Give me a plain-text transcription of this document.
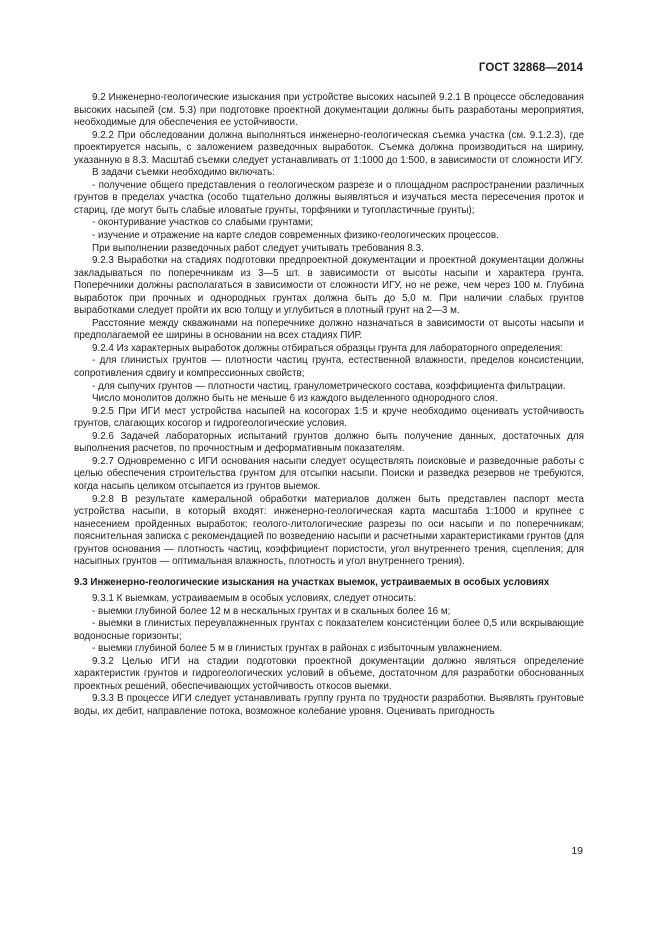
ГОСТ 32868—2014

9.2 Инженерно-геологические изыскания при устройстве высоких насыпей 9.2.1 В процессе обследования высоких насыпей (см. 5.3) при подготовке проектной документации должны быть разработаны мероприятия, необходимые для обеспечения ее устойчивости.

9.2.2 При обследовании должна выполняться инженерно-геологическая съемка участка (см. 9.1.2.3), где проектируется насыпь, с заложением разведочных выработок. Съемка должна производиться на ширину, указанную в 8.3. Масштаб съемки следует устанавливать от 1:1000 до 1:500, в зависимости от сложности ИГУ.

В задачи съемки необходимо включать:

- получение общего представления о геологическом разрезе и о площадном распространении различных грунтов в пределах участка (особо тщательно должны выявляться и изучаться места пересечения проток и стариц, где могут быть слабые иловатые грунты, торфяники и тугопластичные грунты);

- оконтуривание участков со слабыми грунтами;

- изучение и отражение на карте следов современных физико-геологических процессов.

При выполнении разведочных работ следует учитывать требования 8.3.

9.2.3 Выработки на стадиях подготовки предпроектной документации и проектной документации должны закладываться по поперечникам из 3—5 шт. в зависимости от высоты насыпи и характера грунта. Поперечники должны располагаться в зависимости от сложности ИГУ, но не реже, чем через 100 м. Глубина выработок при прочных и однородных грунтах должна быть до 5,0 м. При наличии слабых грунтов выработками следует пройти их всю толщу и углубиться в плотный грунт на 2—3 м.

Расстояние между скважинами на поперечнике должно назначаться в зависимости от высоты насыпи и предполагаемой ее ширины в основании на всех стадиях ПИР.

9.2.4 Из характерных выработок должны отбираться образцы грунта для лабораторного определения:

- для глинистых грунтов — плотности частиц грунта, естественной влажности, пределов консистенции, сопротивления сдвигу и компрессионных свойств;

- для сыпучих грунтов — плотности частиц, гранулометрического состава, коэффициента фильтрации.

Число монолитов должно быть не меньше 6 из каждого выделенного однородного слоя.

9.2.5 При ИГИ мест устройства насыпей на косогорах 1:5 и круче необходимо оценивать устойчивость грунтов, слагающих косогор и гидрогеологические условия.

9.2.6 Задачей лабораторных испытаний грунтов должно быть получение данных, достаточных для выполнения расчетов, по прочностным и деформативным показателям.

9.2.7 Одновременно с ИГИ основания насыпи следует осуществлять поисковые и разведочные работы с целью обеспечения строительства грунтом для отсыпки насыпи. Поиски и разведка резервов не требуются, когда насыпь целиком отсыпается из грунтов выемок.

9.2.8 В результате камеральной обработки материалов должен быть представлен паспорт места устройства насыпи, в который входят: инженерно-геологическая карта масштаба 1:1000 и крупнее с нанесением пройденных выработок; геолого-литологические разрезы по оси насыпи и по поперечникам; пояснительная записка с рекомендацией по возведению насыпи и расчетными характеристиками грунтов (для грунтов основания — плотность частиц, коэффициент пористости, угол внутреннего трения, сцепления; для насыпных грунтов — оптимальная влажность, плотность и угол внутреннего трения).

9.3 Инженерно-геологические изыскания на участках выемок, устраиваемых в особых условиях

9.3.1 К выемкам, устраиваемым в особых условиях, следует относить:

- выемки глубиной более 12 м в нескальных грунтах и в скальных более 16 м;

- выемки в глинистых переувлажненных грунтах с показателем консистенции более 0,5 или вскрывающие водоносные горизонты;

- выемки глубиной более 5 м в глинистых грунтах в районах с избыточным увлажнением.

9.3.2 Целью ИГИ на стадии подготовки проектной документации должно являться определение характеристик грунтов и гидрогеологических условий в объеме, достаточном для разработки обоснованных проектных решений, обеспечивающих устойчивость откосов выемки.

9.3.3 В процессе ИГИ следует устанавливать группу грунта по трудности разработки. Выявлять грунтовые воды, их дебит, направление потока, возможное колебание уровня. Оценивать пригодность

19
